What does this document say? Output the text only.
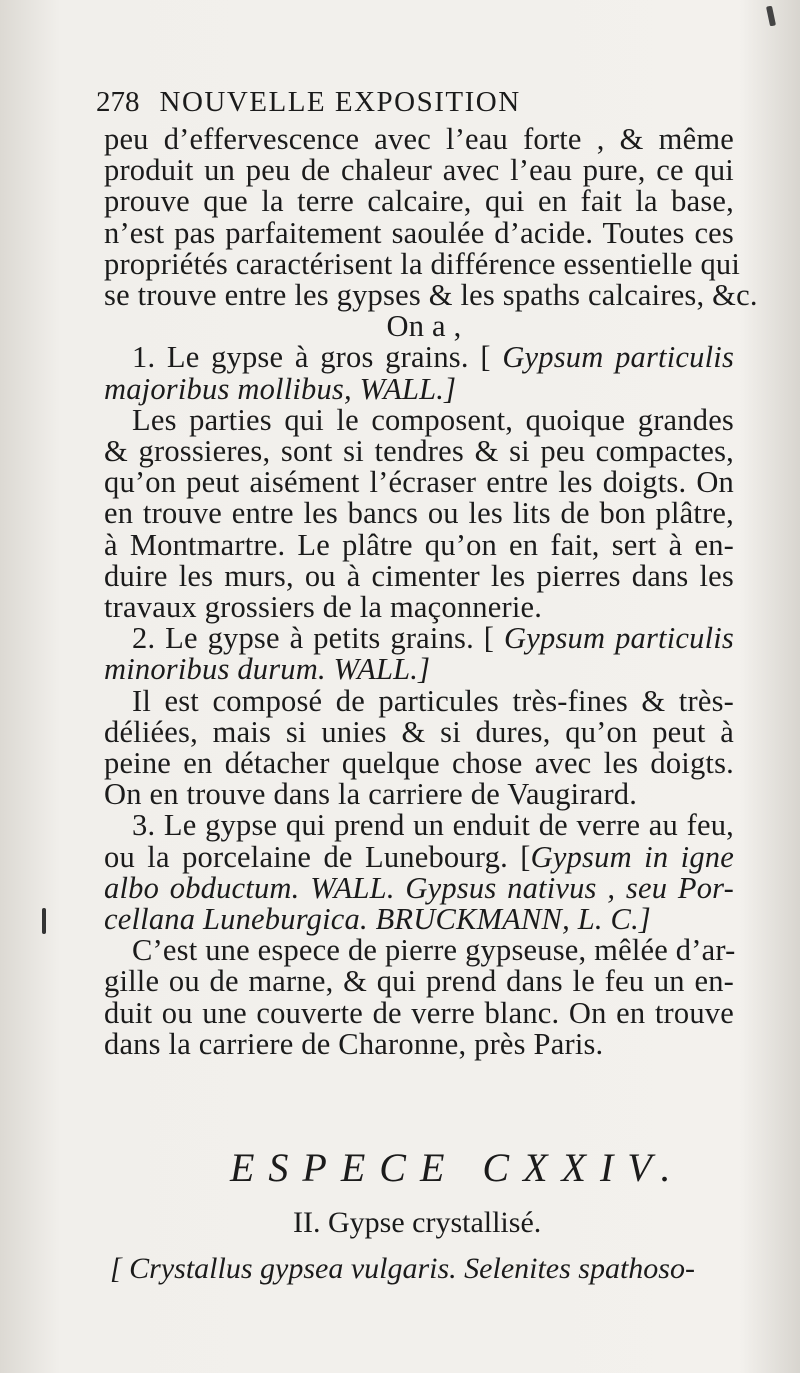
278 NOUVELLE EXPOSITION
peu d’effervescence avec l’eau forte , & même
produit un peu de chaleur avec l’eau pure, ce qui
prouve que la terre calcaire, qui en fait la base,
n’est pas parfaitement saoulée d’acide. Toutes ces
propriétés caractérisent la différence essentielle qui
se trouve entre les gypses & les spaths calcaires, &c.
On a ,
1. Le gypse à gros grains. [ Gypsum particulis
majoribus mollibus, WALL.]
Les parties qui le composent, quoique grandes
& grossieres, sont si tendres & si peu compactes,
qu’on peut aisément l’écraser entre les doigts. On
en trouve entre les bancs ou les lits de bon plâtre,
à Montmartre. Le plâtre qu’on en fait, sert à en-
duire les murs, ou à cimenter les pierres dans les
travaux grossiers de la maçonnerie.
2. Le gypse à petits grains. [ Gypsum particulis
minoribus durum. WALL.]
Il est composé de particules très-fines & très-
déliées, mais si unies & si dures, qu’on peut à
peine en détacher quelque chose avec les doigts.
On en trouve dans la carriere de Vaugirard.
3. Le gypse qui prend un enduit de verre au feu,
ou la porcelaine de Lunebourg. [Gypsum in igne
albo obductum. WALL. Gypsus nativus , seu Por-
cellana Luneburgica. BRUCKMANN, L. C.]
C’est une espece de pierre gypseuse, mêlée d’ar-
gille ou de marne, & qui prend dans le feu un en-
duit ou une couverte de verre blanc. On en trouve
dans la carriere de Charonne, près Paris.
ESPECE CXXIV.
II. Gypse crystallisé.
[ Crystallus gypsea vulgaris. Selenites spathoso-
